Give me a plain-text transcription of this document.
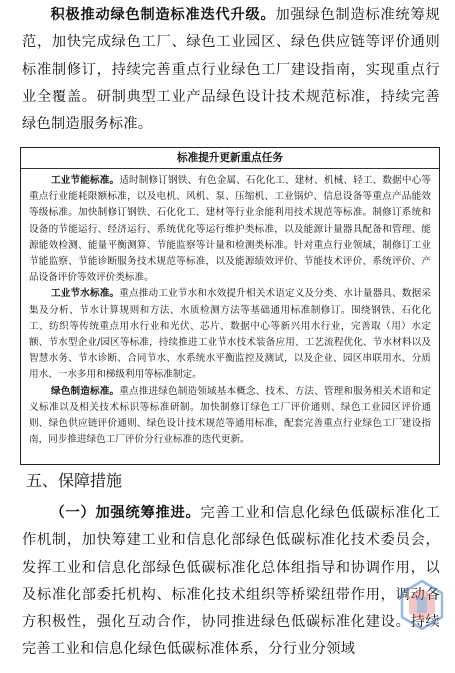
积极推动绿色制造标准迭代升级。加强绿色制造标准统筹规范，加快完成绿色工厂、绿色工业园区、绿色供应链等评价通则标准制修订，持续完善重点行业绿色工厂建设指南，实现重点行业全覆盖。研制典型工业产品绿色设计技术规范标准，持续完善绿色制造服务标准。
标准提升更新重点任务

工业节能标准。适时制修订钢铁、有色金属、石化化工、建材、机械、轻工、数据中心等重点行业能耗限额标准，以及电机、风机、泵、压缩机、工业锅炉、信息设备等重点产品能效等级标准。加快制修订钢铁、石化化工、建材等行业余能利用技术规范等标准。制修订系统和设备的节能运行、经济运行、系统优化等运行维护类标准，以及能源计量器具配备和管理、能源能效检测、能量平衡测算、节能监察等计量和检测类标准。针对重点行业领域，制修订工业节能监察、节能诊断服务技术规范等标准，以及能源绩效评价、节能技术评价、系统评价、产品设备评价等效评价类标准。

工业节水标准。重点推动工业节水和水效提升相关术语定义及分类、水计量器具、数据采集及分析、节水计算规则和方法、水质检测方法等基础通用标准制修订。围绕钢铁、石化化工、纺织等传统重点用水行业和光伏、芯片、数据中心等新兴用水行业，完善取（用）水定额、节水型企业/园区等标准，持续推进工业节水技术装备应用、工艺流程优化、节水材料以及智慧水务、节水诊断、合同节水、水系统水平衡监控及测试，以及企业、园区串联用水、分质用水、一水多用和梯级利用等标准制定。

绿色制造标准。重点推进绿色制造领域基本概念、技术、方法、管理和服务相关术语和定义标准以及相关技术标识等标准研制。加快制修订绿色工厂评价通则、绿色工业园区评价通则、绿色供应链评价通则、绿色设计技术规范等通用标准，配套完善重点行业绿色工厂建设指南，同步推进绿色工厂评价分行业标准的迭代更新。

五、保障措施
（一）加强统筹推进。完善工业和信息化绿色低碳标准化工作机制，加快筹建工业和信息化部绿色低碳标准化技术委员会，发挥工业和信息化部绿色低碳标准化总体组指导和协调作用，以及标准化部委托机构、标准化技术组织等桥梁纽带作用，调动各方积极性，强化互动合作，协同推进绿色低碳标准化建设。持续完善工业和信息化绿色低碳标准体系，分行业分领域
